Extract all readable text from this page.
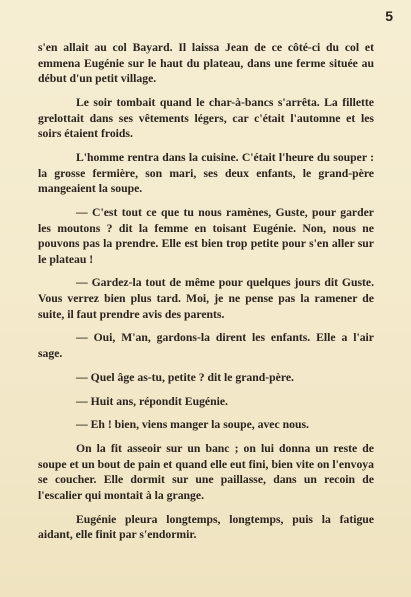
5

s'en allait au col Bayard. Il laissa Jean de ce côté-ci du col et emmena Eugénie sur le haut du plateau, dans une ferme située au début d'un petit village.

Le soir tombait quand le char-à-bancs s'arrêta. La fillette grelottait dans ses vêtements légers, car c'était l'automne et les soirs étaient froids.

L'homme rentra dans la cuisine. C'était l'heure du souper : la grosse fermière, son mari, ses deux enfants, le grand-père mangeaient la soupe.

— C'est tout ce que tu nous ramènes, Guste, pour garder les moutons ? dit la femme en toisant Eugénie. Non, nous ne pouvons pas la prendre. Elle est bien trop petite pour s'en aller sur le plateau !

— Gardez-la tout de même pour quelques jours dit Guste. Vous verrez bien plus tard. Moi, je ne pense pas la ramener de suite, il faut prendre avis des parents.

— Oui, M'an, gardons-la dirent les enfants. Elle a l'air sage.

— Quel âge as-tu, petite ? dit le grand-père.

— Huit ans, répondit Eugénie.

— Eh ! bien, viens manger la soupe, avec nous.

On la fit asseoir sur un banc ; on lui donna un reste de soupe et un bout de pain et quand elle eut fini, bien vite on l'envoya se coucher. Elle dormit sur une paillasse, dans un recoin de l'escalier qui montait à la grange.

Eugénie pleura longtemps, longtemps, puis la fatigue aidant, elle finit par s'endormir.
